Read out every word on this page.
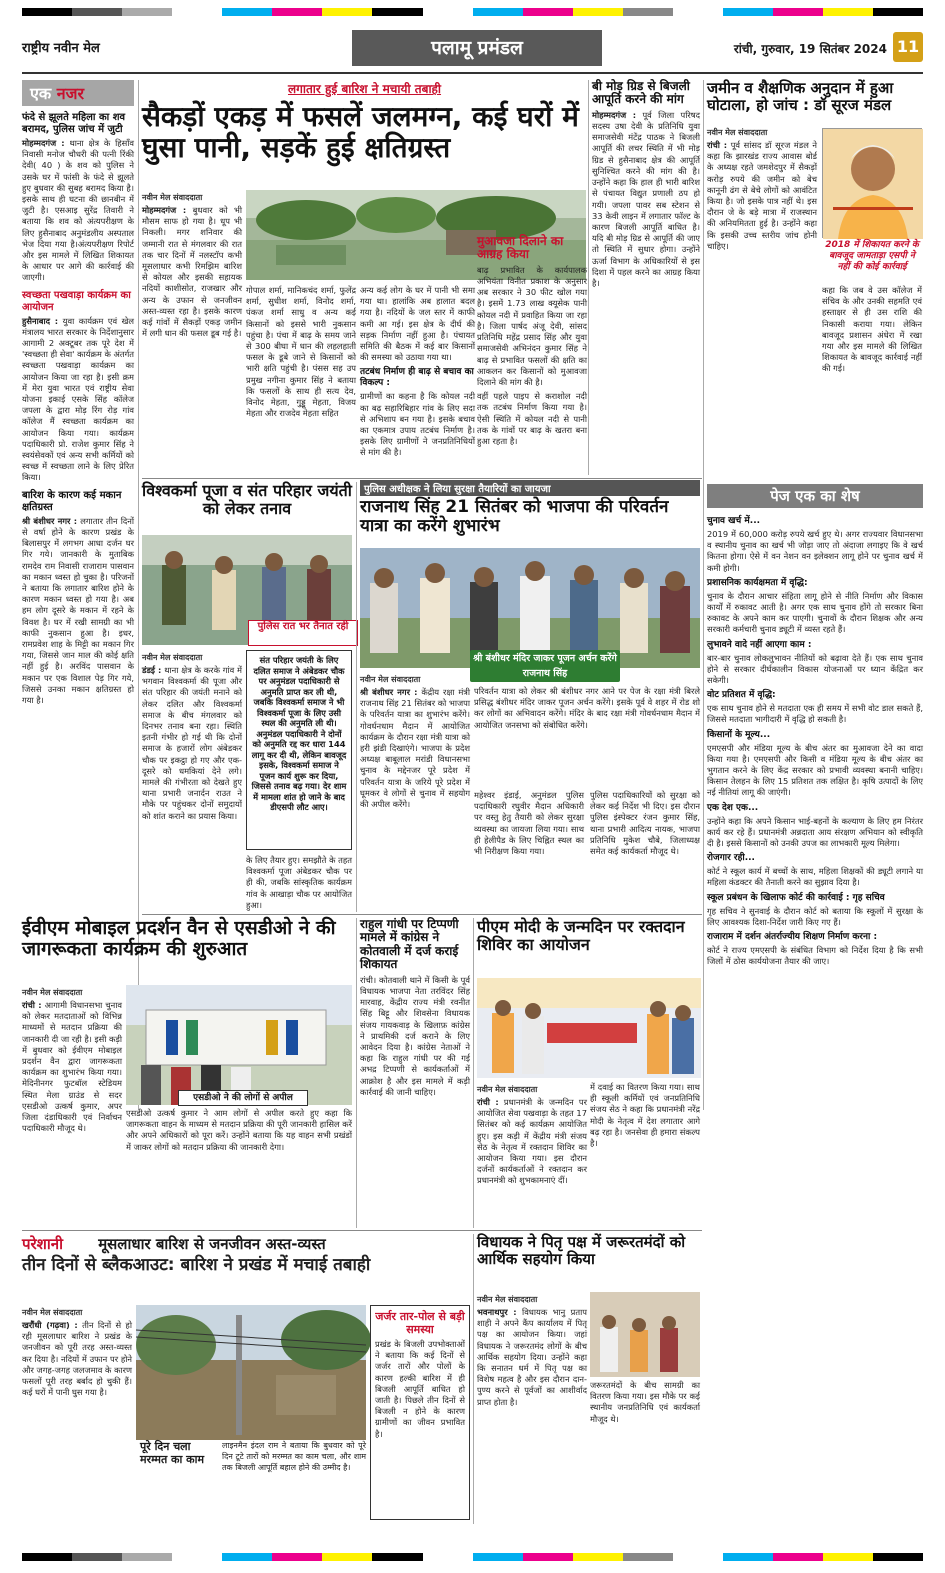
राष्ट्रीय नवीन मेल	पलामू प्रमंडल	रांची, गुरुवार, 19 सितंबर 2024 11
एक नजर
फंदे से झूलते महिला का शव बरामद, पुलिस जांच में जुटी
मोहम्मदगंज : थाना क्षेत्र के हिसाँव निवासी मनोज चौधरी की पत्नी रिंकी देवी( 40 ) के शव को पुलिस ने उसके घर में फांसी के फंदे से झूलते हुए बुधवार की सुबह बरामद किया है। इसके साथ ही घटना की छानबीन में जुटी है। एसआइ सुरेंद्र तिवारी ने बताया कि शव को अंत्यपरीक्षण के लिए हुसैनाबाद अनुमंडलीय अस्पताल भेज दिया गया है।अंत्यपरीक्षण रिपोर्ट और इस मामले में लिखित शिकायत के आधार पर आगे की कार्रवाई की जाएगी।
स्वच्छता पखवाड़ा कार्यक्रम का आयोजन
हुसैनाबाद : युवा कार्यक्रम एवं खेल मंत्रालय भारत सरकार के निर्देशानुसार आगामी 2 अक्टूबर तक पूरे देश में 'स्वच्छता ही सेवा' कार्यक्रम के अंतर्गत स्वच्छता पखवाड़ा कार्यक्रम का आयोजन किया जा रहा है। इसी क्रम में मेरा युवा भारत एवं राष्ट्रीय सेवा योजना इकाई एसके सिंह कॉलेज जपला के द्वारा मोड़ रिंग रोड़ गांव कॉलेज मैं स्वच्छता कार्यक्रम का आयोजन किया गया। कार्यक्रम पदाधिकारी प्रो. राजेश कुमार सिंह ने स्वयंसेवकों एवं अन्य सभी कर्मियों को स्वच्छ में स्वच्छता लाने के लिए प्रेरित किया।
बारिश के कारण कई मकान क्षतिग्रस्त
श्री बंशीधर नगर : लगातार तीन दिनों से वर्षा होने के कारण प्रखंड के बिलासपुर में लगभग आधा दर्जन घर गिर गये। जानकारी के मुताबिक रामदेव राम निवासी राजाराम पासवान का मकान ध्वस्त हो चुका है। परिजनों ने बताया कि लगातार बारिश होने के कारण मकान ध्वस्त हो गया है। अब हम लोग दूसरे के मकान में रहने के विवश है। घर में रखी सामग्री का भी काफी नुकसान हुआ है। इधर, रामप्रवेश शाह के मिट्टी का मकान गिर गया, जिससे जान माल की कोई क्षति नहीं हुई है। अरविंद पासवान के मकान पर एक विशाल पेड़ गिर गये, जिससे उनका मकान क्षतिग्रस्त हो गया है।
लगातार हुई बारिश ने मचायी तबाही
सैकड़ों एकड़ में फसलें जलमग्न, कई घरों में घुसा पानी, सड़कें हुई क्षतिग्रस्त
नवीन मेल संवाददाता
मोहम्मदगंज : बुधवार को भी मौसम साफ हो गया है। धूप भी निकली। मगर शनिवार की जम्मानी रात से मंगलवार की रात तक चार दिनों में नलस्टॉप कभी मूसलाधार कभी रिमझिम बारिश से कोयल और इसकी सहायक नदियों काशीसोत, राजखार और अन्य के उफान से जनजीवन अस्त-व्यस्त रहा है। इसके कारण कई गांवों में सैकड़ों एकड़ जमीन में लगी धान की फसल डूब गई है।
गोपाल शर्मा, मानिकचंद शर्मा, फुलेंद्र शर्मा, सुधीश शर्मा, विनोद शर्मा, पंकज शर्मा साधु व अन्य कई किसानों को इससे भारी नुकसान पहुंचा है। पंचा में बाढ़ के समय जाने से 300 बीघा में धान की लहलहाती फसल के डूबे जाने से किसानों को भारी क्षति पहुंची है। पंसस सह उप प्रमुख नगीना कुमार सिंह ने बताया कि फसलों के साथ ही सत्य देव, विनोद मेहता, गुड्डू मेहता, विजय मेहता और राजदेव मेहता सहित
अन्य कई लोग के घर में पानी भी समा गया था। हालांकि अब हालात बदल गया है। नदियों के जल स्तर में काफी कमी आ गई। इस क्षेत्र के दीर्घ की सड़क निर्माण नहीं हुआ है। पंचायत समिति की बैठक में कई बार किसानों की समस्या को उठाया गया था।
तटबंध निर्माण ही बाढ़ से बचाव का विकल्प :
ग्रामीणों का कहना है कि कोयल नदी का बढ़ सहारिबिहार गांव के लिए सदा से अभिशाप बन गया है। इसके बचाव का एकमात्र उपाय तटबंध निर्माण है। इसके लिए ग्रामीणों ने जनप्रतिनिधियों से मांग की है।
मुआवजा दिलाने का आग्रह किया
बाढ़ प्रभावित के कार्यपालक अभियंता विनीत प्रकाश के अनुसार अब सरकार ने 30 फीट खोल गया है। इसमें 1.73 लाख क्यूसेक पानी कोयल नदी में प्रवाहित किया जा रहा है। जिला पार्षद अंजू देवी, सांसद प्रतिनिधि महेंद्र प्रसाद सिंह और युवा समाजसेवी अभिनंदन कुमार सिंह ने बाढ़ से प्रभावित फसलों की क्षति का आकलन कर किसानों को मुआवजा दिलाने की मांग की है।
वहीं पहले पाइप से कराशोल नदी तक तटबंध निर्माण किया गया है। ऐसी स्थिति में कोयल नदी से पानी तक के गांवों पर बाढ़ के खतरा बना हुआ रहता है।
बी मोड़ ग्रिड से बिजली आपूर्ति करने की मांग
मोहम्मदगंज : पूर्व जिला परिषद सदस्य उषा देवी के प्रतिनिधि युवा समाजसेवी मंटेंद्र पाठक ने बिजली आपूर्ति की लचर स्थिति में भी मोड़ ग्रिड से हुसैनाबाद क्षेत्र की आपूर्ति सुनिश्चित करने की मांग की है। उन्होंने कहा कि हाल ही भारी बारिश से पंचायत विद्युत प्रणाली ठप हो गयी। जपला पावर सब स्टेशन से 33 केवी लाइन में लगातार फॉल्ट के कारण बिजली आपूर्ति बाधित है। यदि बी मोड़ ग्रिड से आपूर्ति की जाए तो स्थिति में सुधार होगा। उन्होंने ऊर्जा विभाग के अधिकारियों से इस दिशा में पहल करने का आग्रह किया है।
जमीन व शैक्षणिक अनुदान में हुआ घोटाला, हो जांच : डॉ सूरज मंडल
नवीन मेल संवाददाता
रांची : पूर्व सांसद डॉ सूरज मंडल ने कहा कि झारखंड राज्य आवास बोर्ड के अध्यक्ष रहते जमशेदपुर में सैकड़ों करोड़ रुपये की जमीन को बेच कानूनी ढंग से बेचे लोगों को आवंटित किया है। जो इसके पात्र नहीं थे। इस दौरान जे के बड़े मात्रा में राजस्थान की अनियमितता हुई है। उन्होंने कहा कि इसकी उच्च स्तरीय जांच होनी चाहिए।	2018 में शिकायत करने के बावजूद जामताड़ा एसपी ने नहीं की कोई कार्रवाई
कहा कि जब वे उस कॉलेज में संचिव के और उनकी सहमति एवं हस्ताक्षर से ही उस राशि की निकासी कराया गया। लेकिन बावजूद प्रशासन अंधेरा में रखा गया और इस मामले की लिखित शिकायत के बावजूद कार्रवाई नहीं की गई।
पेज एक का शेष
चुनाव खर्च में...
2019 में 60,000 करोड़ रुपये खर्च हुए थे। अगर राज्यवार विधानसभा व स्थानीय चुनाव का खर्च भी जोड़ा जाए तो अंदाजा लगाइए कि वे खर्च कितना होगा। ऐसे में वन नेशन वन इलेक्शन लागू होने पर चुनाव खर्च में कमी होगी।
प्रशासनिक कार्यक्षमता में वृद्धि:
चुनाव के दौरान आचार संहिता लागू होने से नीति निर्माण और विकास कार्यों में रुकावट आती है। अगर एक साथ चुनाव होंगे तो सरकार बिना रुकावट के अपने काम कर पाएगी। चुनावों के दौरान शिक्षक और अन्य सरकारी कर्मचारी चुनाव ड्यूटी में व्यस्त रहते हैं।
लुभावने वादे नहीं आएगा काम :
बार-बार चुनाव लोकलुभावन नीतियों को बढ़ावा देते हैं। एक साथ चुनाव होने से सरकार दीर्घकालीन विकास योजनाओं पर ध्यान केंद्रित कर सकेगी।
वोट प्रतिशत में वृद्धि:
एक साथ चुनाव होने से मतदाता एक ही समय में सभी वोट डाल सकते हैं, जिससे मतदाता भागीदारी में वृद्धि हो सकती है।
किसानों के मूल्य...
एमएसपी और मंडिया मूल्य के बीच अंतर का मुआवजा देने का वादा किया गया है। एमएसपी और किसी व मंडिया मूल्य के बीच अंतर का भुगतान करने के लिए केंद्र सरकार को प्रभावी व्यवस्था बनानी चाहिए। किसान तेलहन के लिए 15 प्रतिशत तक लक्षित है। कृषि उत्पादों के लिए नई नीतियां लागू की जाएंगी।
एक देश एक...
उन्होंने कहा कि अपने किसान भाई-बहनों के कल्याण के लिए हम निरंतर कार्य कर रहे हैं। प्रधानमंत्री अन्नदाता आय संरक्षण अभियान को स्वीकृति दी है। इससे किसानों को उनकी उपज का लाभकारी मूल्य मिलेगा।
रोजगार रही...
कोर्ट ने स्कूल कार्य में बच्चों के साथ, महिला शिक्षकों की ड्यूटी लगाने या महिला कंडक्टर की तैनाती करने का सुझाव दिया है।
स्कूल प्रबंधन के खिलाफ कोर्ट की कार्रवाई : गृह सचिव
गृह सचिव ने सुनवाई के दौरान कोर्ट को बताया कि स्कूलों में सुरक्षा के लिए आवश्यक दिशा-निर्देश जारी किए गए हैं।
राजाराम में दर्शन अंतर्राज्यीय शिक्षण निर्माण करना :
कोर्ट ने राज्य एमएसपी के संबंधित विभाग को निर्देश दिया है कि सभी जिलों में ठोस कार्ययोजना तैयार की जाए।
विश्वकर्मा पूजा व संत परिहार जयंती को लेकर तनाव
पुलिस रात भर तैनात रही
नवीन मेल संवाददाता
डंडई : थाना क्षेत्र के करके गांव में भगवान विश्वकर्मा की पूजा और संत परिहार की जयंती मनाने को लेकर दलित और विश्वकर्मा समाज के बीच मंगलवार को दिनभर तनाव बना रहा। स्थिति इतनी गंभीर हो गई थी कि दोनों समाज के हजारों लोग अंबेडकर चौक पर इकट्ठा हो गए और एक-दूसरे को धमकियां देने लगे। मामले की गंभीरता को देखते हुए थाना प्रभारी जनार्दन राउत ने मौके पर पहुंचकर दोनों समुदायों को शांत कराने का प्रयास किया।
संत परिहार जयंती के लिए दलित समाज ने अंबेडकर चौक पर अनुमंडल पदाधिकारी से अनुमति प्राप्त कर ली थी, जबकि विश्वकर्मा समाज ने भी विश्वकर्मा पूजा के लिए उसी स्थल की अनुमति ली थी। अनुमंडल पदाधिकारी ने दोनों को अनुमति रद्द कर धारा 144 लागू कर दी थी, लेकिन बावजूद इसके, विश्वकर्मा समाज ने पूजन कार्य शुरू कर दिया, जिससे तनाव बढ़ गया। देर शाम में मामला शांत हो जाने के बाद डीएसपी लौट आए।
के लिए तैयार हुए। समझौते के तहत विश्वकर्मा पूजा अंबेडकर चौक पर ही की, जबकि सांस्कृतिक कार्यक्रम गांव के आखाड़ा चौक पर आयोजित हुआ।
पुलिस अधीक्षक ने लिया सुरक्षा तैयारियों का जायजा
राजनाथ सिंह 21 सितंबर को भाजपा की परिवर्तन यात्रा का करेंगे शुभारंभ
श्री बंशीधर मंदिर जाकर पूजन अर्चन करेंगे राजनाथ सिंह
नवीन मेल संवाददाता
श्री बंशीधर नगर : केंद्रीय रक्षा मंत्री राजनाथ सिंह 21 सितंबर को भाजपा के परिवर्तन यात्रा का शुभारंभ करेंगे। गोवर्धनधाम मैदान में आयोजित कार्यक्रम के दौरान रक्षा मंत्री यात्रा को हरी झंडी दिखाएंगे। भाजपा के प्रदेश अध्यक्ष बाबूलाल मरांडी विधानसभा चुनाव के मद्देनजर पूरे प्रदेश में परिवर्तन यात्रा के जरिये पूरे प्रदेश में घूमकर वे लोगों से चुनाव में सहयोग की अपील करेंगे।
परिवर्तन यात्रा को लेकर श्री बंशीधर नगर आने पर पेज के रक्षा मंत्री बिरले प्रसिद्ध बंशीधर मंदिर जाकर पूजन अर्चन करेंगे। इसके पूर्व वे शहर में रोड शो कर लोगों का अभिवादन करेंगे। मंदिर के बाद रक्षा मंत्री गोवर्धनधाम मैदान में आयोजित जनसभा को संबोधित करेंगे।
महेश्वर इंडाई, अनुमंडल पुलिस पदाधिकारी रघुवीर मैदान अधिकारी पर वस्तु हेतु तैयारी को लेकर सुरक्षा व्यवस्था का जायजा लिया गया। साथ ही हेलीपैड के लिए चिह्नित स्थल का भी निरीक्षण किया गया।
पुलिस पदाधिकारियों को सुरक्षा को लेकर कई निर्देश भी दिए। इस दौरान पुलिस इंस्पेक्टर रंजन कुमार सिंह, थाना प्रभारी आदित्य नायक, भाजपा प्रतिनिधि मुकेश चौबे, जिलाध्यक्ष समेत कई कार्यकर्ता मौजूद थे।
ईवीएम मोबाइल प्रदर्शन वैन से एसडीओ ने की जागरूकता कार्यक्रम की शुरुआत
नवीन मेल संवाददाता
रांची : आगामी विधानसभा चुनाव को लेकर मतदाताओं को विभिन्न माध्यमों से मतदान प्रक्रिया की जानकारी दी जा रही है। इसी कड़ी में बुधवार को ईवीएम मोबाइल प्रदर्शन वैन द्वारा जागरूकता कार्यक्रम का शुभारंभ किया गया। मेदिनीनगर फुटबॉल स्टेडियम स्थित मेला ग्राउंड से सदर एसडीओ उत्कर्ष कुमार, अपर जिला दंडाधिकारी एवं निर्वाचन पदाधिकारी मौजूद थे।
एसडीओ ने की लोगों से अपील
एसडीओ उत्कर्ष कुमार ने आम लोगों से अपील करते हुए कहा कि जागरूकता वाहन के माध्यम से मतदान प्रक्रिया की पूरी जानकारी हासिल करें और अपने अधिकारों को पूरा करें। उन्होंने बताया कि यह वाहन सभी प्रखंडों में जाकर लोगों को मतदान प्रक्रिया की जानकारी देगा।
राहुल गांधी पर टिप्पणी मामले में कांग्रेस ने कोतवाली में दर्ज कराई शिकायत
रांची। कोतवाली थाने में किसी के पूर्व विधायक भाजपा नेता तरविंदर सिंह मारवाह, केंद्रीय राज्य मंत्री रवनीत सिंह बिट्टू और शिवसेना विधायक संजय गायकवाड़ के खिलाफ़ कांग्रेस ने प्राथमिकी दर्ज कराने के लिए आवेदन दिया है। कांग्रेस नेताओं ने कहा कि राहुल गांधी पर की गई अभद्र टिप्पणी से कार्यकर्ताओं में आक्रोश है और इस मामले में कड़ी कार्रवाई की जानी चाहिए।
पीएम मोदी के जन्मदिन पर रक्तदान शिविर का आयोजन
नवीन मेल संवाददाता
रांची : प्रधानमंत्री के जन्मदिन पर आयोजित सेवा पखवाड़ा के तहत 17 सितंबर को कई कार्यक्रम आयोजित हुए। इस कड़ी में केंद्रीय मंत्री संजय सेठ के नेतृत्व में रक्तदान शिविर का आयोजन किया गया। इस दौरान दर्जनों कार्यकर्ताओं ने रक्तदान कर प्रधानमंत्री को शुभकामनाएं दीं।
में दवाई का वितरण किया गया। साथ ही स्कूली कर्मियों एवं जनप्रतिनिधि संजय सेठ ने कहा कि प्रधानमंत्री नरेंद्र मोदी के नेतृत्व में देश लगातार आगे बढ़ रहा है। जनसेवा ही हमारा संकल्प है।
परेशानी मूसलाधार बारिश से जनजीवन अस्त-व्यस्त
तीन दिनों से ब्लैकआउट: बारिश ने प्रखंड में मचाई तबाही
नवीन मेल संवाददाता
खरौंधी (गढ़वा) : तीन दिनों से हो रही मूसलाधार बारिश ने प्रखंड के जनजीवन को पूरी तरह अस्त-व्यस्त कर दिया है। नदियों में उफान पर होने और जगह-जगह जलजमाव के कारण फसलों पूरी तरह बर्बाद हो चुकी हैं। कई घरों में पानी घुस गया है।
पूरे दिन चला मरम्मत का काम
लाइनमैन इंदल राम ने बताया कि बुधवार को पूरे दिन टूटे तारों को मरम्मत का काम चला, और शाम तक बिजली आपूर्ति बहाल होने की उम्मीद है।
जर्जर तार-पोल से बड़ी समस्या
प्रखंड के बिजली उपभोक्ताओं ने बताया कि कई दिनों से जर्जर तारों और पोलों के कारण हल्की बारिश में ही बिजली आपूर्ति बाधित हो जाती है। पिछले तीन दिनों से बिजली न होने के कारण ग्रामीणों का जीवन प्रभावित है।
विधायक ने पितृ पक्ष में जरूरतमंदों को आर्थिक सहयोग किया
नवीन मेल संवाददाता
भवनाथपुर : विधायक भानु प्रताप शाही ने अपने कैंप कार्यालय में पितृ पक्ष का आयोजन किया। जहां विधायक ने जरूरतमंद लोगों के बीच आर्थिक सहयोग दिया। उन्होंने कहा कि सनातन धर्म में पितृ पक्ष का विशेष महत्व है और इस दौरान दान-पुण्य करने से पूर्वजों का आशीर्वाद प्राप्त होता है।
जरूरतमंदों के बीच सामग्री का वितरण किया गया। इस मौके पर कई स्थानीय जनप्रतिनिधि एवं कार्यकर्ता मौजूद थे।
